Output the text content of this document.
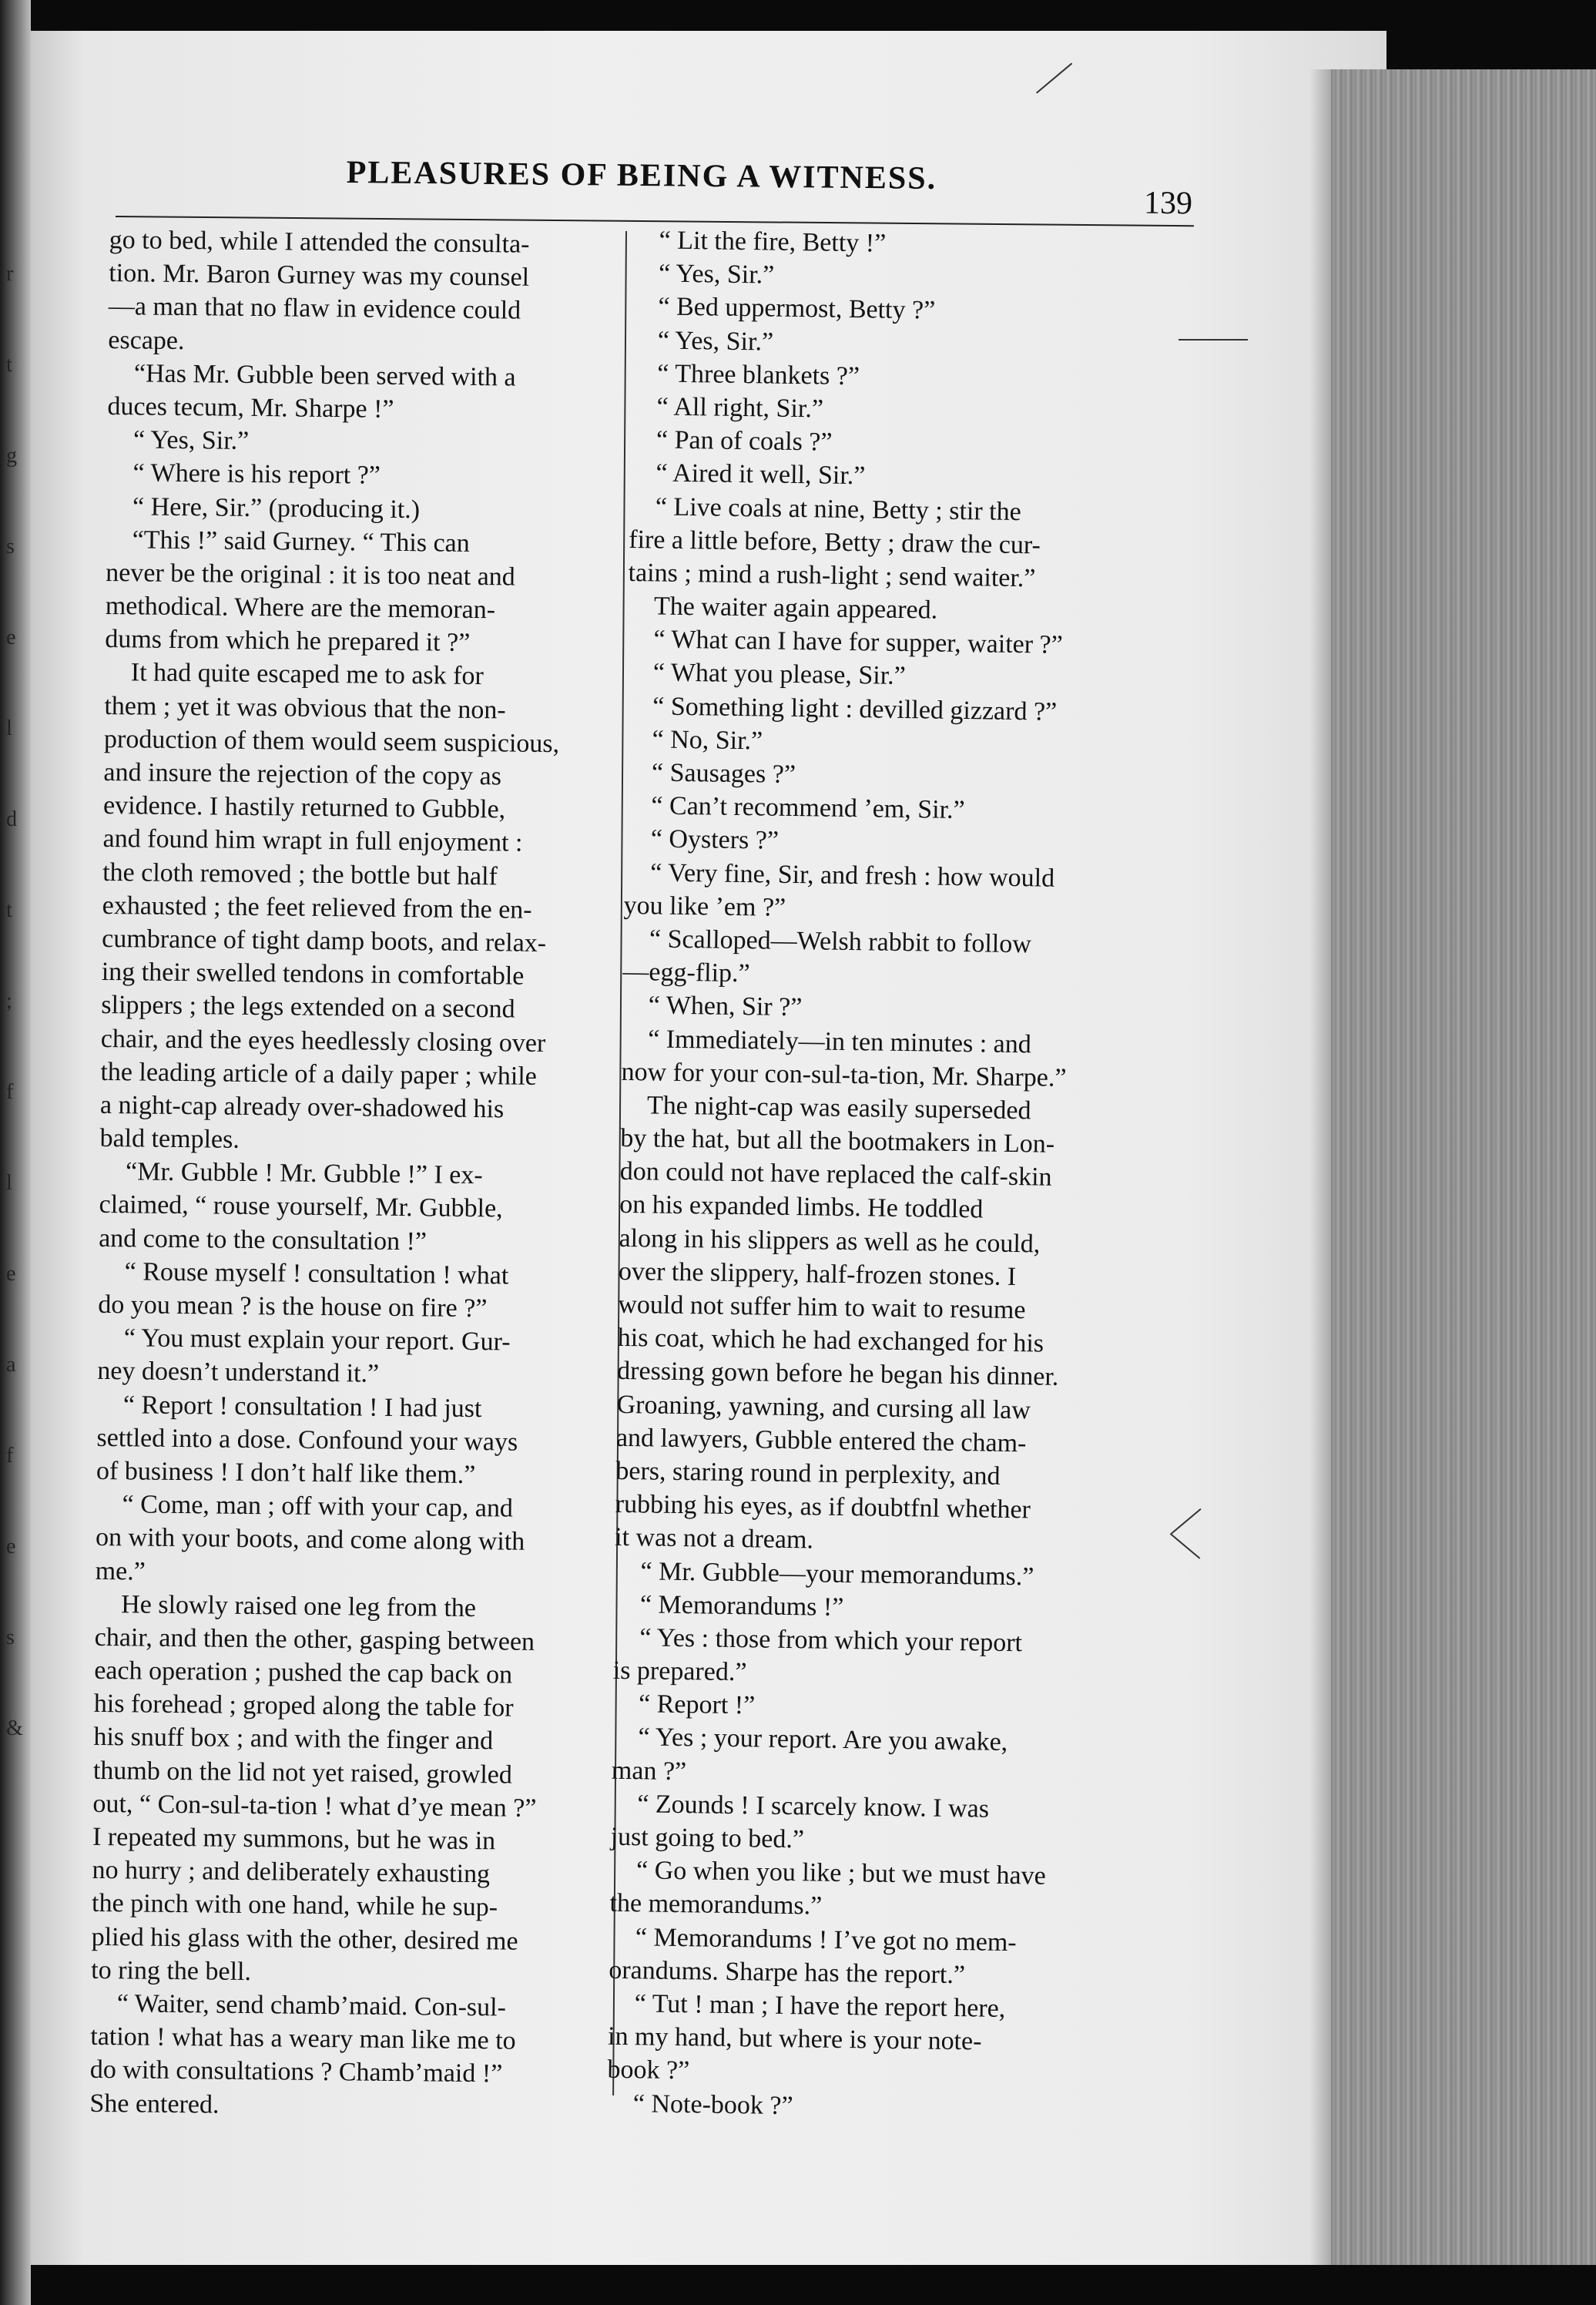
r
t
g
s
e
l
d
t
;
f
l
e
a
f
e
s
&
PLEASURES OF BEING A WITNESS.
139
go to bed, while I attended the consulta-
tion. Mr. Baron Gurney was my counsel
—a man that no flaw in evidence could
escape.
“Has Mr. Gubble been served with a
duces tecum, Mr. Sharpe !”
“ Yes, Sir.”
“ Where is his report ?”
“ Here, Sir.” (producing it.)
“This !” said Gurney. “ This can
never be the original : it is too neat and
methodical. Where are the memoran-
dums from which he prepared it ?”
It had quite escaped me to ask for
them ; yet it was obvious that the non-
production of them would seem suspicious,
and insure the rejection of the copy as
evidence. I hastily returned to Gubble,
and found him wrapt in full enjoyment :
the cloth removed ; the bottle but half
exhausted ; the feet relieved from the en-
cumbrance of tight damp boots, and relax-
ing their swelled tendons in comfortable
slippers ; the legs extended on a second
chair, and the eyes heedlessly closing over
the leading article of a daily paper ; while
a night-cap already over-shadowed his
bald temples.
“Mr. Gubble ! Mr. Gubble !” I ex-
claimed, “ rouse yourself, Mr. Gubble,
and come to the consultation !”
“ Rouse myself ! consultation ! what
do you mean ? is the house on fire ?”
“ You must explain your report. Gur-
ney doesn’t understand it.”
“ Report ! consultation ! I had just
settled into a dose. Confound your ways
of business ! I don’t half like them.”
“ Come, man ; off with your cap, and
on with your boots, and come along with
me.”
He slowly raised one leg from the
chair, and then the other, gasping between
each operation ; pushed the cap back on
his forehead ; groped along the table for
his snuff box ; and with the finger and
thumb on the lid not yet raised, growled
out, “ Con-sul-ta-tion ! what d’ye mean ?”
I repeated my summons, but he was in
no hurry ; and deliberately exhausting
the pinch with one hand, while he sup-
plied his glass with the other, desired me
to ring the bell.
“ Waiter, send chamb’maid. Con-sul-
tation ! what has a weary man like me to
do with consultations ? Chamb’maid !”
She entered.
“ Lit the fire, Betty !”
“ Yes, Sir.”
“ Bed uppermost, Betty ?”
“ Yes, Sir.”
“ Three blankets ?”
“ All right, Sir.”
“ Pan of coals ?”
“ Aired it well, Sir.”
“ Live coals at nine, Betty ; stir the
fire a little before, Betty ; draw the cur-
tains ; mind a rush-light ; send waiter.”
The waiter again appeared.
“ What can I have for supper, waiter ?”
“ What you please, Sir.”
“ Something light : devilled gizzard ?”
“ No, Sir.”
“ Sausages ?”
“ Can’t recommend ’em, Sir.”
“ Oysters ?”
“ Very fine, Sir, and fresh : how would
you like ’em ?”
“ Scalloped—Welsh rabbit to follow
—egg-flip.”
“ When, Sir ?”
“ Immediately—in ten minutes : and
now for your con-sul-ta-tion, Mr. Sharpe.”
The night-cap was easily superseded
by the hat, but all the bootmakers in Lon-
don could not have replaced the calf-skin
on his expanded limbs. He toddled
along in his slippers as well as he could,
over the slippery, half-frozen stones. I
would not suffer him to wait to resume
his coat, which he had exchanged for his
dressing gown before he began his dinner.
Groaning, yawning, and cursing all law
and lawyers, Gubble entered the cham-
bers, staring round in perplexity, and
rubbing his eyes, as if doubtfnl whether
it was not a dream.
“ Mr. Gubble—your memorandums.”
“ Memorandums !”
“ Yes : those from which your report
is prepared.”
“ Report !”
“ Yes ; your report. Are you awake,
man ?”
“ Zounds ! I scarcely know. I was
just going to bed.”
“ Go when you like ; but we must have
the memorandums.”
“ Memorandums ! I’ve got no mem-
orandums. Sharpe has the report.”
“ Tut ! man ; I have the report here,
in my hand, but where is your note-
book ?”
“ Note-book ?”
